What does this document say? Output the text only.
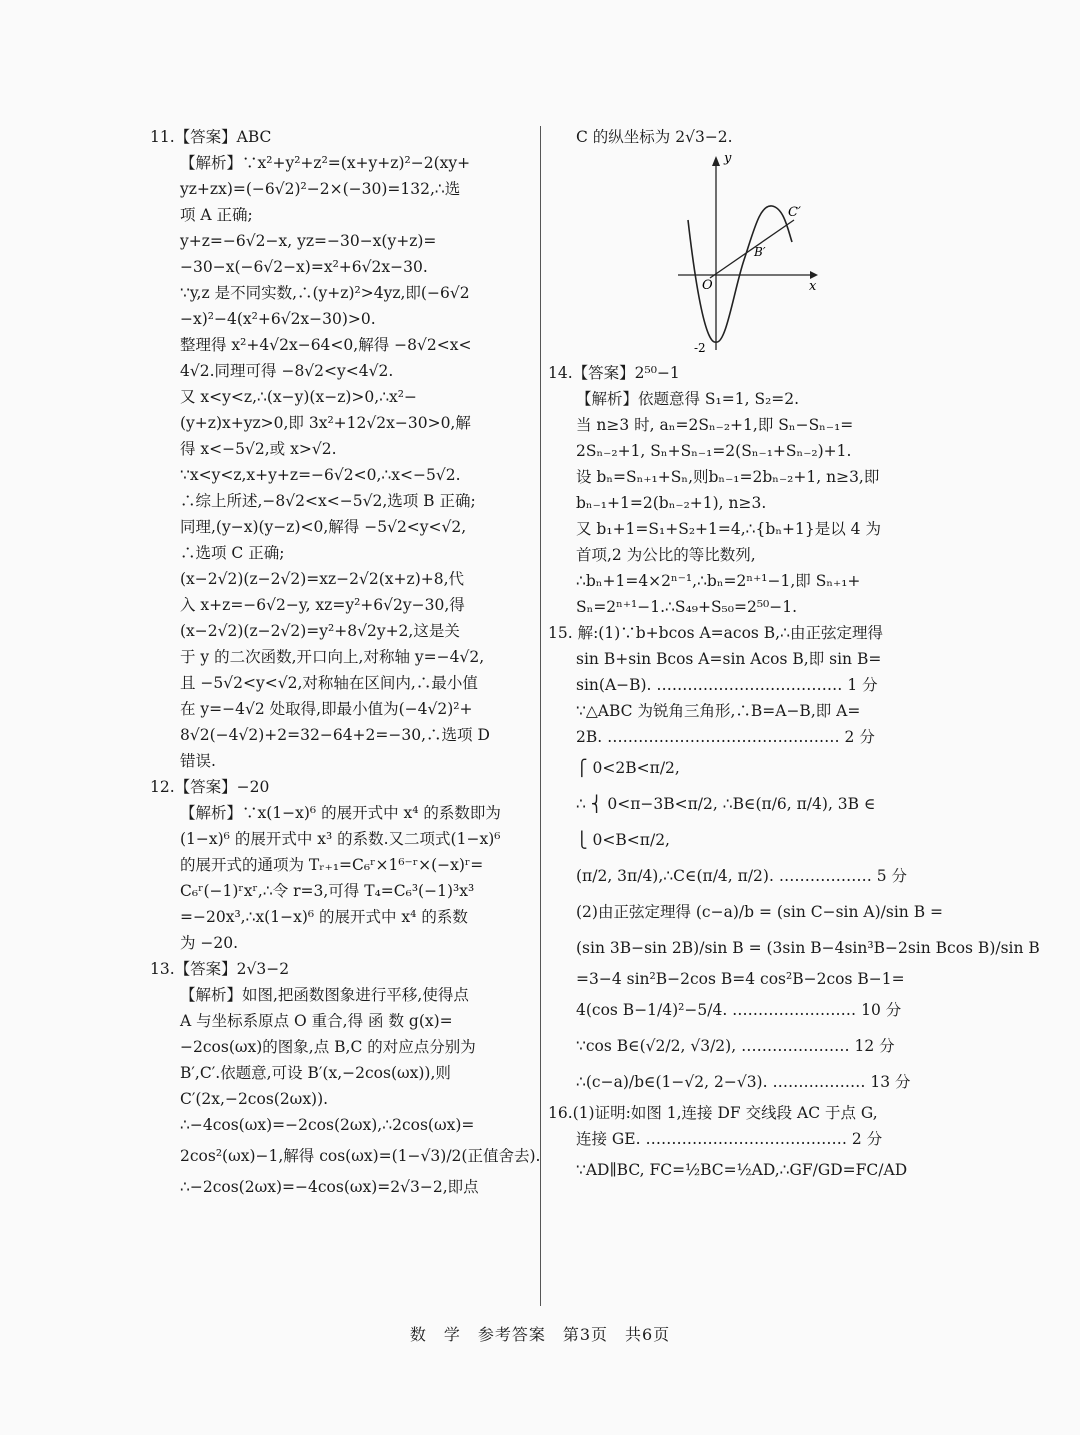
11.【答案】ABC
【解析】∵x²+y²+z²=(x+y+z)²−2(xy+
yz+zx)=(−6√2)²−2×(−30)=132,∴选
项 A 正确;
y+z=−6√2−x, yz=−30−x(y+z)=
−30−x(−6√2−x)=x²+6√2x−30.
∵y,z 是不同实数,∴(y+z)²>4yz,即(−6√2
−x)²−4(x²+6√2x−30)>0.
整理得 x²+4√2x−64<0,解得 −8√2<x<
4√2.同理可得 −8√2<y<4√2.
又 x<y<z,∴(x−y)(x−z)>0,∴x²−
(y+z)x+yz>0,即 3x²+12√2x−30>0,解
得 x<−5√2,或 x>√2.
∵x<y<z,x+y+z=−6√2<0,∴x<−5√2.
∴综上所述,−8√2<x<−5√2,选项 B 正确;
同理,(y−x)(y−z)<0,解得 −5√2<y<√2,
∴选项 C 正确;
(x−2√2)(z−2√2)=xz−2√2(x+z)+8,代
入 x+z=−6√2−y, xz=y²+6√2y−30,得
(x−2√2)(z−2√2)=y²+8√2y+2,这是关
于 y 的二次函数,开口向上,对称轴 y=−4√2,
且 −5√2<y<√2,对称轴在区间内,∴最小值
在 y=−4√2 处取得,即最小值为(−4√2)²+
8√2(−4√2)+2=32−64+2=−30,∴选项 D
错误.
12.【答案】−20
【解析】∵x(1−x)⁶ 的展开式中 x⁴ 的系数即为
(1−x)⁶ 的展开式中 x³ 的系数.又二项式(1−x)⁶
的展开式的通项为 Tᵣ₊₁=C₆ʳ×1⁶⁻ʳ×(−x)ʳ=
C₆ʳ(−1)ʳxʳ,∴令 r=3,可得 T₄=C₆³(−1)³x³
=−20x³,∴x(1−x)⁶ 的展开式中 x⁴ 的系数
为 −20.
13.【答案】2√3−2
【解析】如图,把函数图象进行平移,使得点
A 与坐标系原点 O 重合,得 函 数 g(x)=
−2cos(ωx)的图象,点 B,C 的对应点分别为
B′,C′.依题意,可设 B′(x,−2cos(ωx)),则
C′(2x,−2cos(2ωx)).
∴−4cos(ωx)=−2cos(2ωx),∴2cos(ωx)=
2cos²(ωx)−1,解得 cos(ωx)=(1−√3)/2(正值舍去).
∴−2cos(2ωx)=−4cos(ωx)=2√3−2,即点
C 的纵坐标为 2√3−2.
y
x
O
-2
C′
B′
14.【答案】2⁵⁰−1
【解析】依题意得 S₁=1, S₂=2.
当 n≥3 时, aₙ=2Sₙ₋₂+1,即 Sₙ−Sₙ₋₁=
2Sₙ₋₂+1, Sₙ+Sₙ₋₁=2(Sₙ₋₁+Sₙ₋₂)+1.
设 bₙ=Sₙ₊₁+Sₙ,则bₙ₋₁=2bₙ₋₂+1, n≥3,即
bₙ₋₁+1=2(bₙ₋₂+1), n≥3.
又 b₁+1=S₁+S₂+1=4,∴{bₙ+1}是以 4 为
首项,2 为公比的等比数列,
∴bₙ+1=4×2ⁿ⁻¹,∴bₙ=2ⁿ⁺¹−1,即 Sₙ₊₁+
Sₙ=2ⁿ⁺¹−1.∴S₄₉+S₅₀=2⁵⁰−1.
15. 解:(1)∵b+bcos A=acos B,∴由正弦定理得
sin B+sin Bcos A=sin Acos B,即 sin B=
sin(A−B). ……………………………… 1 分
∵△ABC 为锐角三角形,∴B=A−B,即 A=
2B. ……………………………………… 2 分
⎧ 0<2B<π/2,
∴ ⎨ 0<π−3B<π/2, ∴B∈(π/6, π/4), 3B ∈
⎩ 0<B<π/2,
(π/2, 3π/4),∴C∈(π/4, π/2). ……………… 5 分
(2)由正弦定理得 (c−a)/b = (sin C−sin A)/sin B =
(sin 3B−sin 2B)/sin B = (3sin B−4sin³B−2sin Bcos B)/sin B
=3−4 sin²B−2cos B=4 cos²B−2cos B−1=
4(cos B−1/4)²−5/4. …………………… 10 分
∵cos B∈(√2/2, √3/2), ………………… 12 分
∴(c−a)/b∈(1−√2, 2−√3). ……………… 13 分
16.(1)证明:如图 1,连接 DF 交线段 AC 于点 G,
连接 GE. ………………………………… 2 分
∵AD∥BC, FC=½BC=½AD,∴GF/GD=FC/AD
数　学　参考答案　第3页　共6页
